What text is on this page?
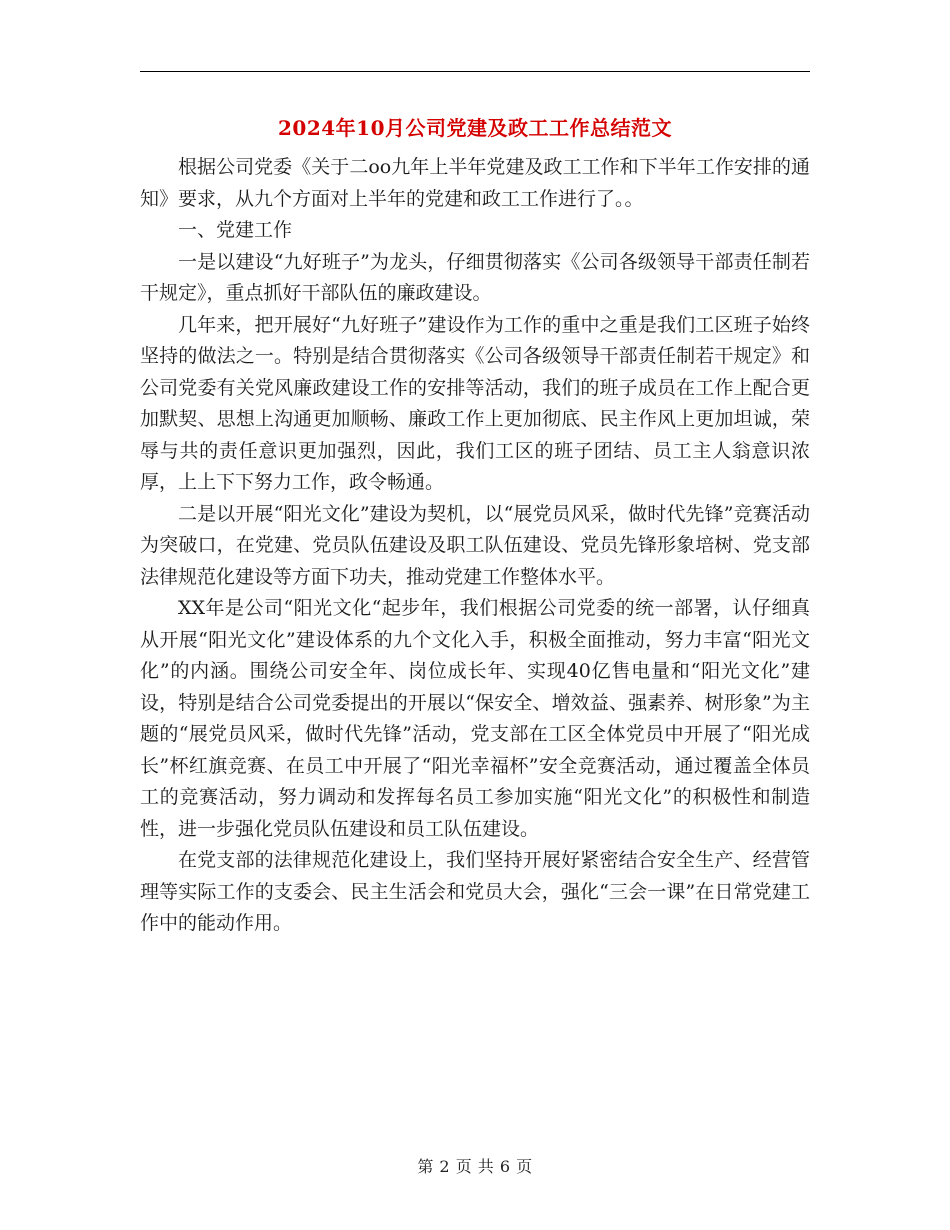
2024年10月公司党建及政工工作总结范文

根据公司党委《关于二oo九年上半年党建及政工工作和下半年工作安排的通知》要求，从九个方面对上半年的党建和政工工作进行了。。

一、党建工作

一是以建设“九好班子”为龙头，仔细贯彻落实《公司各级领导干部责任制若干规定》，重点抓好干部队伍的廉政建设。

几年来，把开展好“九好班子”建设作为工作的重中之重是我们工区班子始终坚持的做法之一。特别是结合贯彻落实《公司各级领导干部责任制若干规定》和公司党委有关党风廉政建设工作的安排等活动，我们的班子成员在工作上配合更加默契、思想上沟通更加顺畅、廉政工作上更加彻底、民主作风上更加坦诚，荣辱与共的责任意识更加强烈，因此，我们工区的班子团结、员工主人翁意识浓厚，上上下下努力工作，政令畅通。

二是以开展“阳光文化”建设为契机，以“展党员风采，做时代先锋”竞赛活动为突破口，在党建、党员队伍建设及职工队伍建设、党员先锋形象培树、党支部法律规范化建设等方面下功夫，推动党建工作整体水平。

XX年是公司“阳光文化“起步年，我们根据公司党委的统一部署，认仔细真从开展“阳光文化”建设体系的九个文化入手，积极全面推动，努力丰富“阳光文化”的内涵。围绕公司安全年、岗位成长年、实现40亿售电量和“阳光文化”建设，特别是结合公司党委提出的开展以“保安全、增效益、强素养、树形象”为主题的“展党员风采，做时代先锋”活动，党支部在工区全体党员中开展了“阳光成长”杯红旗竞赛、在员工中开展了“阳光幸福杯”安全竞赛活动，通过覆盖全体员工的竞赛活动，努力调动和发挥每名员工参加实施“阳光文化”的积极性和制造性，进一步强化党员队伍建设和员工队伍建设。

在党支部的法律规范化建设上，我们坚持开展好紧密结合安全生产、经营管理等实际工作的支委会、民主生活会和党员大会，强化“三会一课”在日常党建工作中的能动作用。

第 2 页 共 6 页
